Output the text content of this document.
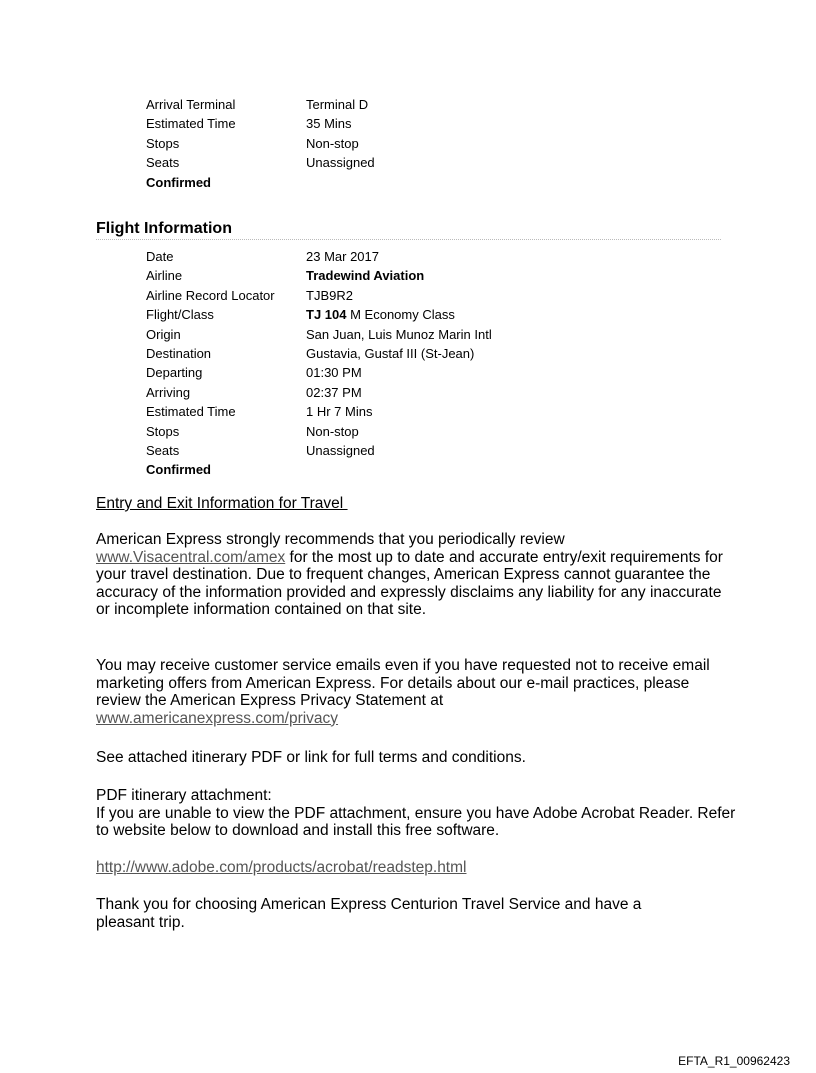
Arrival Terminal	Terminal D
Estimated Time	35 Mins
Stops	Non-stop
Seats	Unassigned
Confirmed	
Flight Information
Date	23 Mar 2017
Airline	Tradewind Aviation
Airline Record Locator	TJB9R2
Flight/Class	TJ 104 M Economy Class
Origin	San Juan, Luis Munoz Marin Intl
Destination	Gustavia, Gustaf III (St-Jean)
Departing	01:30 PM
Arriving	02:37 PM
Estimated Time	1 Hr 7 Mins
Stops	Non-stop
Seats	Unassigned
Confirmed	
Entry and Exit Information for Travel

American Express strongly recommends that you periodically review
www.Visacentral.com/amex for the most up to date and accurate entry/exit requirements for your travel destination. Due to frequent changes, American Express cannot guarantee the accuracy of the information provided and expressly disclaims any liability for any inaccurate or incomplete information contained on that site.

You may receive customer service emails even if you have requested not to receive email marketing offers from American Express. For details about our e-mail practices, please review the American Express Privacy Statement at
www.americanexpress.com/privacy

See attached itinerary PDF or link for full terms and conditions.

PDF itinerary attachment:
If you are unable to view the PDF attachment, ensure you have Adobe Acrobat Reader. Refer to website below to download and install this free software.

http://www.adobe.com/products/acrobat/readstep.html

Thank you for choosing American Express Centurion Travel Service and have a pleasant trip.

EFTA_R1_00962423
